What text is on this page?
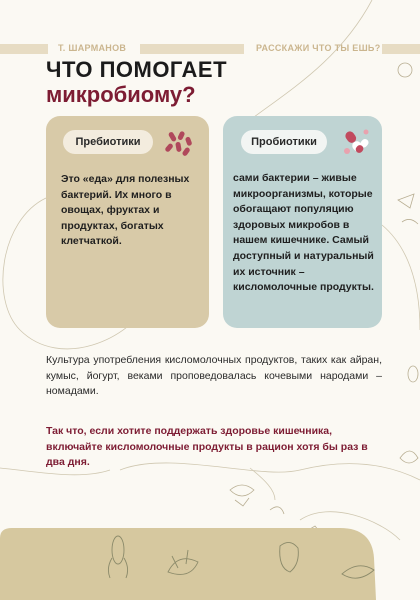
Т. ШАРМАНОВ	РАССКАЖИ ЧТО ТЫ ЕШЬ?
ЧТО ПОМОГАЕТ
микробиому?
Пребиотики

Это «еда» для полезных бактерий. Их много в овощах, фруктах и продуктах, богатых клетчаткой.

Пробиотики

сами бактерии – живые микроорганизмы, которые обогащают популяцию здоровых микробов в нашем кишечнике. Самый доступный и натуральный их источник – кисломолочные продукты.

Культура употребления кисломолочных продуктов, таких как айран, кумыс, йогурт, веками проповедовалась кочевыми народами – номадами.

Так что, если хотите поддержать здоровье кишечника, включайте кисломолочные продукты в рацион хотя бы раз в два дня.
